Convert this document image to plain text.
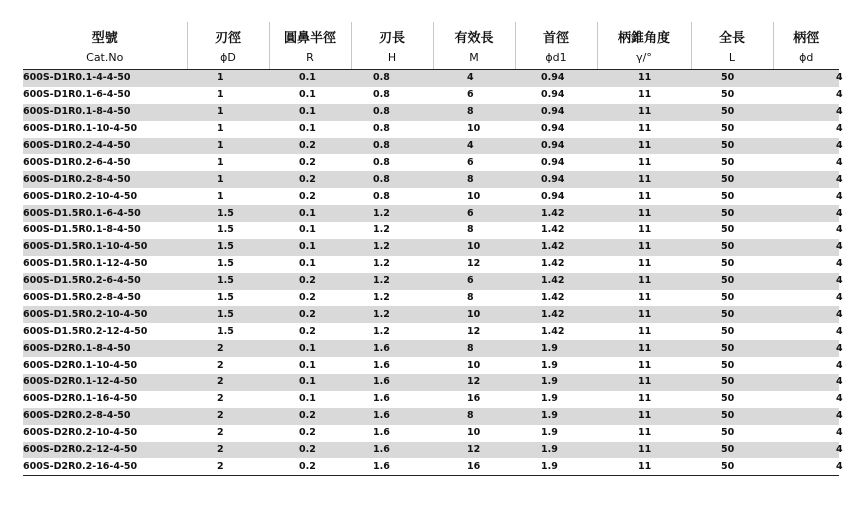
型號	刃徑	圓鼻半徑	刃長	有效長	首徑	柄錐角度	全長	柄徑
Cat.No	ϕD	R	H	M	ϕd1	γ/°	L	ϕd
600S-D1R0.1-4-4-50	1	0.1	0.8	4	0.94	11	50	4
600S-D1R0.1-6-4-50	1	0.1	0.8	6	0.94	11	50	4
600S-D1R0.1-8-4-50	1	0.1	0.8	8	0.94	11	50	4
600S-D1R0.1-10-4-50	1	0.1	0.8	10	0.94	11	50	4
600S-D1R0.2-4-4-50	1	0.2	0.8	4	0.94	11	50	4
600S-D1R0.2-6-4-50	1	0.2	0.8	6	0.94	11	50	4
600S-D1R0.2-8-4-50	1	0.2	0.8	8	0.94	11	50	4
600S-D1R0.2-10-4-50	1	0.2	0.8	10	0.94	11	50	4
600S-D1.5R0.1-6-4-50	1.5	0.1	1.2	6	1.42	11	50	4
600S-D1.5R0.1-8-4-50	1.5	0.1	1.2	8	1.42	11	50	4
600S-D1.5R0.1-10-4-50	1.5	0.1	1.2	10	1.42	11	50	4
600S-D1.5R0.1-12-4-50	1.5	0.1	1.2	12	1.42	11	50	4
600S-D1.5R0.2-6-4-50	1.5	0.2	1.2	6	1.42	11	50	4
600S-D1.5R0.2-8-4-50	1.5	0.2	1.2	8	1.42	11	50	4
600S-D1.5R0.2-10-4-50	1.5	0.2	1.2	10	1.42	11	50	4
600S-D1.5R0.2-12-4-50	1.5	0.2	1.2	12	1.42	11	50	4
600S-D2R0.1-8-4-50	2	0.1	1.6	8	1.9	11	50	4
600S-D2R0.1-10-4-50	2	0.1	1.6	10	1.9	11	50	4
600S-D2R0.1-12-4-50	2	0.1	1.6	12	1.9	11	50	4
600S-D2R0.1-16-4-50	2	0.1	1.6	16	1.9	11	50	4
600S-D2R0.2-8-4-50	2	0.2	1.6	8	1.9	11	50	4
600S-D2R0.2-10-4-50	2	0.2	1.6	10	1.9	11	50	4
600S-D2R0.2-12-4-50	2	0.2	1.6	12	1.9	11	50	4
600S-D2R0.2-16-4-50	2	0.2	1.6	16	1.9	11	50	4
